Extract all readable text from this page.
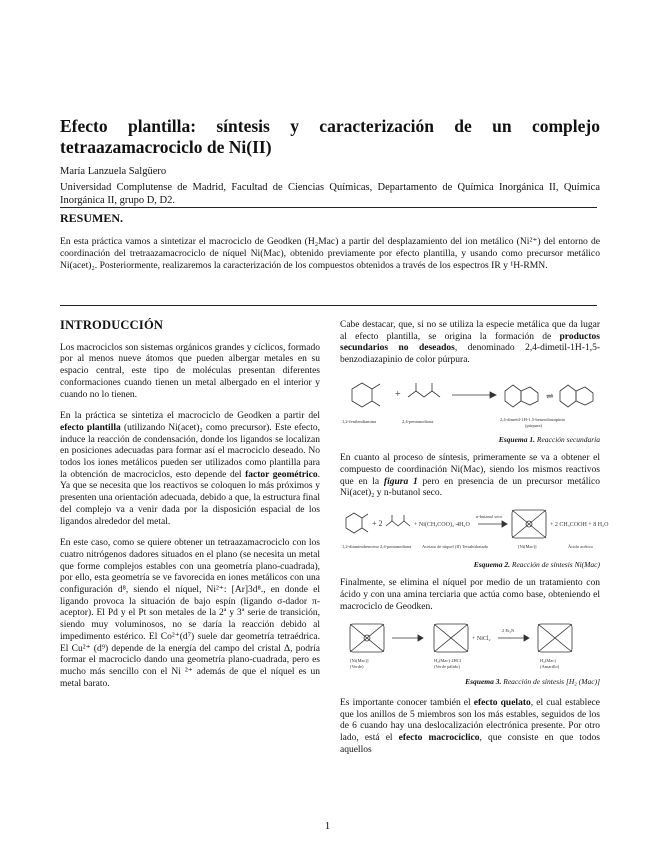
Efecto plantilla: síntesis y caracterización de un complejo tetraazamacrociclo de Ni(II)
María Lanzuela Salgüero
Universidad Complutense de Madrid, Facultad de Ciencias Químicas, Departamento de Química Inorgánica II, Química Inorgánica II, grupo D, D2.
RESUMEN.
En esta práctica vamos a sintetizar el macrociclo de Geodken (H₂Mac) a partir del desplazamiento del ion metálico (Ni²⁺) del entorno de coordinación del tretraazamacrociclo de níquel Ni(Mac), obtenido previamente por efecto plantilla, y usando como precursor metálico Ni(acet)₂. Posteriormente, realizaremos la caracterización de los compuestos obtenidos a través de los espectros IR y ¹H-RMN.
INTRODUCCIÓN

Los macrociclos son sistemas orgánicos grandes y cíclicos, formado por al menos nueve átomos que pueden albergar metales en su espacio central, este tipo de moléculas presentan diferentes conformaciones cuando tienen un metal albergado en el interior y cuando no lo tienen.

En la práctica se sintetiza el macrociclo de Geodken a partir del efecto plantilla (utilizando Ni(acet)₂ como precursor). Este efecto, induce la reacción de condensación, donde los ligandos se localizan en posiciones adecuadas para formar así el macrociclo deseado. No todos los iones metálicos pueden ser utilizados como plantilla para la obtención de macrociclos, esto depende del factor geométrico. Ya que se necesita que los reactivos se coloquen lo más próximos y presenten una orientación adecuada, debido a que, la estructura final del complejo va a venir dada por la disposición espacial de los ligandos alrededor del metal.

En este caso, como se quiere obtener un tetraazamacrociclo con los cuatro nitrógenos dadores situados en el plano (se necesita un metal que forme complejos estables con una geometría plano-cuadrada), por ello, esta geometría se ve favorecida en iones metálicos con una configuración d⁸, siendo el níquel, Ni²⁺: [Ar]3d⁸., en donde el ligando provoca la situación de bajo espín (ligando σ-dador π-aceptor). El Pd y el Pt son metales de la 2ª y 3ª serie de transición, siendo muy voluminosos, no se daría la reacción debido al impedimento estérico. El Co²⁺(d⁷) suele dar geometría tetraédrica. El Cu²⁺ (d⁹) depende de la energía del campo del cristal Δ, podría formar el macrociclo dando una geometría plano-cuadrada, pero es mucho más sencillo con el Ni ²⁺ además de que el níquel es un metal barato.

Cabe destacar, que, si no se utiliza la especie metálica que da lugar al efecto plantilla, se origina la formación de productos secundarios no deseados, denominado 2,4-dimetil-1H-1,5-benzodiazapinio de color púrpura.

+	⇌
1,2-fenilendiamina	2,4-pentanodiona	2,4-dimetil-1H-1,5-benzodiazapinio
(púrpura)
Esquema 1. Reacción secundaria

En cuanto al proceso de síntesis, primeramente se va a obtener el compuesto de coordinación Ni(Mac), siendo los mismos reactivos que en la figura 1 pero en presencia de un precursor metálico Ni(acet)₂ y n-butanol seco.

+ 2	+ Ni(CH₃COO)₂·4H₂O	+ 2 CH₃COOH + 8 H₂O
1,2-diaminobenceno 2,4-pentanodiona Acetato de níquel (II) Tetrahidratado
n-butanol seco
[Ni(Mac)]	Ácido acético
Esquema 2. Reacción de síntesis Ni(Mac)

Finalmente, se elimina el níquel por medio de un tratamiento con ácido y con una amina terciaria que actúa como base, obteniendo el macrociclo de Geodken.

+ NiCl₂
[Ni(Mac)]
(Verde)
H₂(Mac)·2HCl
(Verde pálido)
2 Et₃N
H₂(Mac)
(Amarillo)
Esquema 3. Reacción de síntesis [H₂ (Mac)]

Es importante conocer también el efecto quelato, el cual establece que los anillos de 5 miembros son los más estables, seguidos de los de 6 cuando hay una deslocalización electrónica presente. Por otro lado, está el efecto macrocíclico, que consiste en que todos aquellos

1
